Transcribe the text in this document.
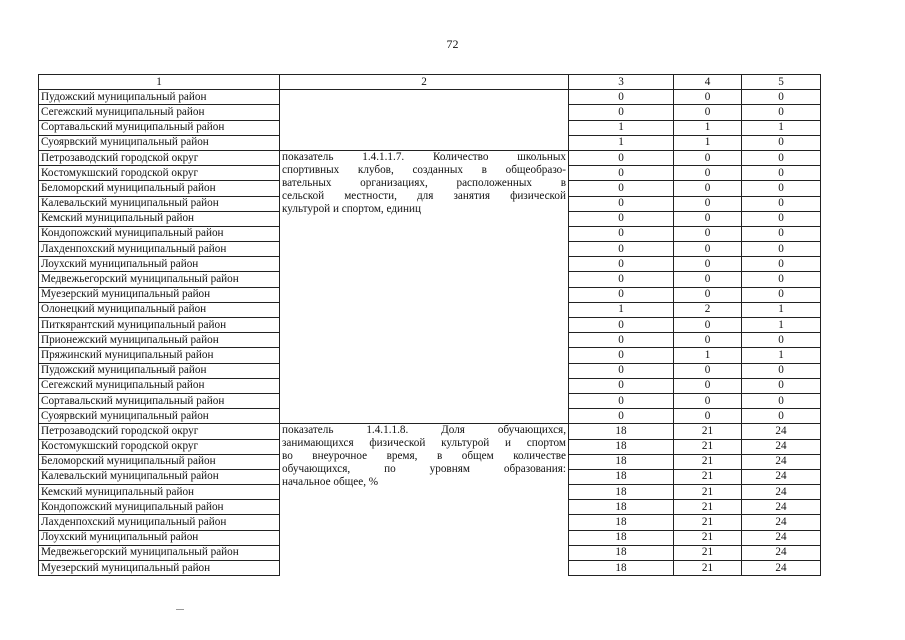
72
1	2	3	4	5
Пудожский муниципальный район		0	0	0
Сегежский муниципальный район		0	0	0
Сортавальский муниципальный район		1	1	1
Суоярвский муниципальный район		1	1	0
Петрозаводский городской округ	показатель 1.4.1.1.7. Количество школьных
спортивных клубов, созданных в общеобразо-
вательных организациях, расположенных в
сельской местности, для занятия физической
культурой и спортом, единиц	0	0	0
Костомукшский городской округ		0	0	0
Беломорский муниципальный район		0	0	0
Калевальский муниципальный район		0	0	0
Кемский муниципальный район		0	0	0
Кондопожский муниципальный район		0	0	0
Лахденпохский муниципальный район		0	0	0
Лоухский муниципальный район		0	0	0
Медвежьегорский муниципальный район		0	0	0
Муезерский муниципальный район		0	0	0
Олонецкий муниципальный район		1	2	1
Питкярантский муниципальный район		0	0	1
Прионежский муниципальный район		0	0	0
Пряжинский муниципальный район		0	1	1
Пудожский муниципальный район		0	0	0
Сегежский муниципальный район		0	0	0
Сортавальский муниципальный район		0	0	0
Суоярвский муниципальный район		0	0	0
Петрозаводский городской округ	показатель 1.4.1.1.8. Доля обучающихся,
занимающихся физической культурой и спортом
во внеурочное время, в общем количестве
обучающихся, по уровням образования:
начальное общее, %	18	21	24
Костомукшский городской округ		18	21	24
Беломорский муниципальный район		18	21	24
Калевальский муниципальный район		18	21	24
Кемский муниципальный район		18	21	24
Кондопожский муниципальный район		18	21	24
Лахденпохский муниципальный район		18	21	24
Лоухский муниципальный район		18	21	24
Медвежьегорский муниципальный район		18	21	24
Муезерский муниципальный район		18	21	24
